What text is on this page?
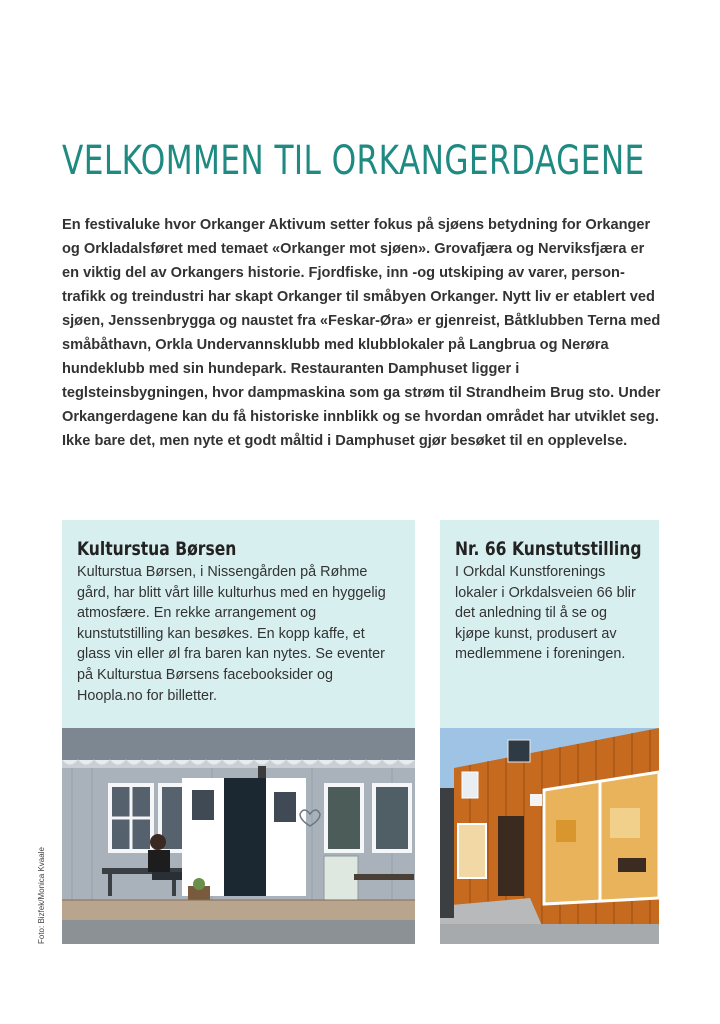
VELKOMMEN TIL ORKANGERDAGENE

En festivaluke hvor Orkanger Aktivum setter fokus på sjøens betydning for Orkanger og Orkladalsføret med temaet «Orkanger mot sjøen». Grovafjæra og Nerviksfjæra er en viktig del av Orkangers historie. Fjordfiske, inn -og utskiping av varer, person-trafikk og treindustri har skapt Orkanger til småbyen Orkanger. Nytt liv er etablert ved sjøen, Jenssenbrygga og naustet fra «Feskar-Øra» er gjenreist, Båtklubben Terna med småbåthavn, Orkla Undervannsklubb med klubblokaler på Langbrua og Nerøra hundeklubb med sin hundepark. Restauranten Damphuset ligger i teglsteinsbygningen, hvor dampmaskina som ga strøm til Strandheim Brug sto. Under Orkangerdagene kan du få historiske innblikk og se hvordan området har utviklet seg. Ikke bare det, men nyte et godt måltid i Damphuset gjør besøket til en opplevelse.

Kulturstua Børsen

Kulturstua Børsen, i Nissengården på Røhme gård, har blitt vårt lille kulturhus med en hyggelig atmosfære. En rekke arrangement og kunstutstilling kan besøkes. En kopp kaffe, et glass vin eller øl fra baren kan nytes. Se eventer på Kulturstua Børsens facebooksider og Hoopla.no for billetter.

Nr. 66 Kunstutstilling

I Orkdal Kunstforenings lokaler i Orkdalsveien 66 blir det anledning til å se og kjøpe kunst, produsert av medlemmene i foreningen.

Foto: Bizfek/Monica Kvaale
